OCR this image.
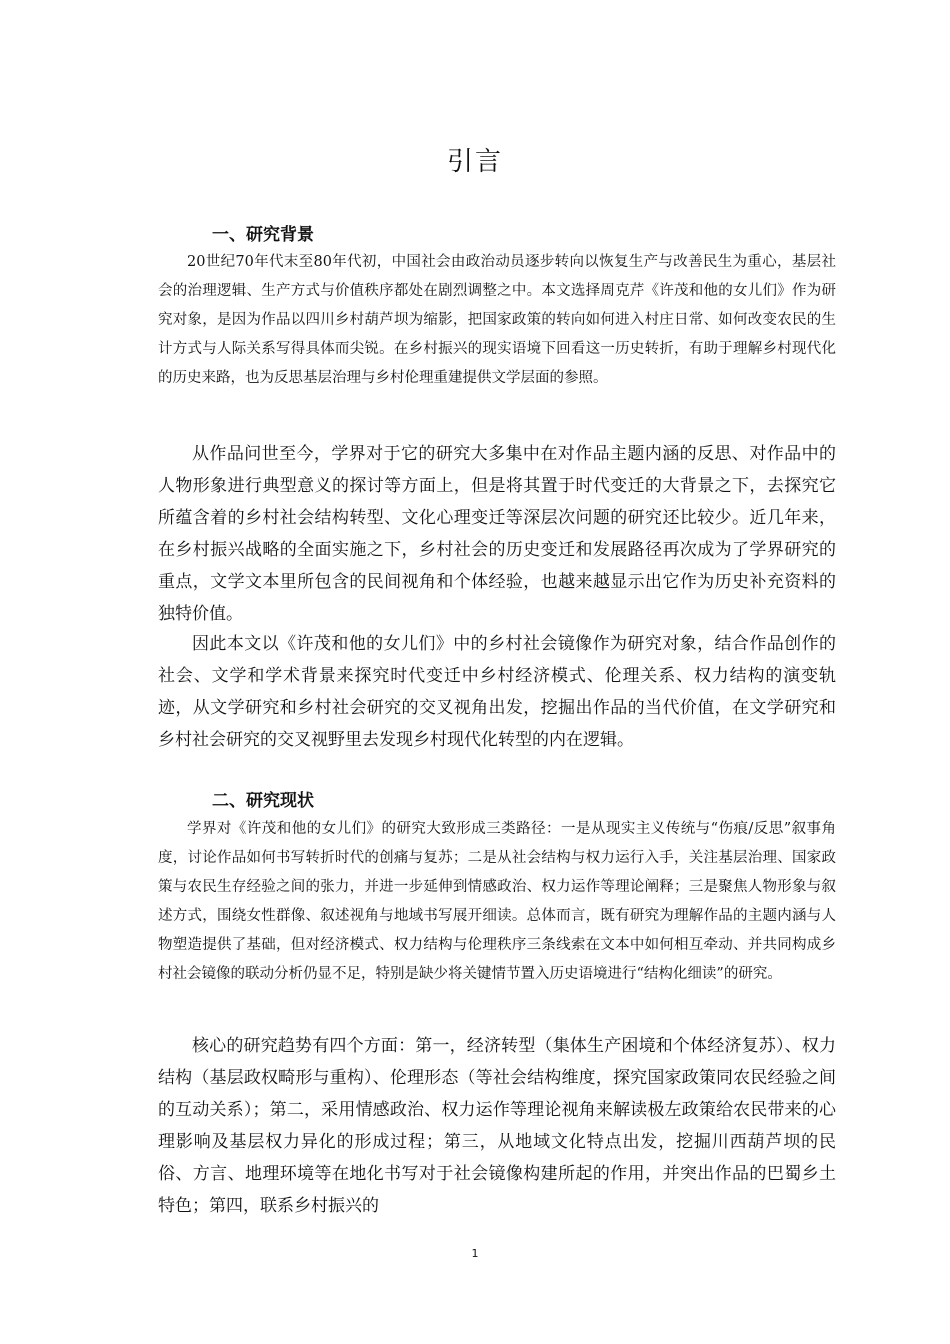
引言
一、研究背景

20世纪70年代末至80年代初，中国社会由政治动员逐步转向以恢复生产与改善民生为重心，基层社会的治理逻辑、生产方式与价值秩序都处在剧烈调整之中。本文选择周克芹《许茂和他的女儿们》作为研究对象，是因为作品以四川乡村葫芦坝为缩影，把国家政策的转向如何进入村庄日常、如何改变农民的生计方式与人际关系写得具体而尖锐。在乡村振兴的现实语境下回看这一历史转折，有助于理解乡村现代化的历史来路，也为反思基层治理与乡村伦理重建提供文学层面的参照。

从作品问世至今，学界对于它的研究大多集中在对作品主题内涵的反思、对作品中的人物形象进行典型意义的探讨等方面上，但是将其置于时代变迁的大背景之下，去探究它所蕴含着的乡村社会结构转型、文化心理变迁等深层次问题的研究还比较少。近几年来，在乡村振兴战略的全面实施之下，乡村社会的历史变迁和发展路径再次成为了学界研究的重点，文学文本里所包含的民间视角和个体经验，也越来越显示出它作为历史补充资料的独特价值。

因此本文以《许茂和他的女儿们》中的乡村社会镜像作为研究对象，结合作品创作的社会、文学和学术背景来探究时代变迁中乡村经济模式、伦理关系、权力结构的演变轨迹，从文学研究和乡村社会研究的交叉视角出发，挖掘出作品的当代价值，在文学研究和乡村社会研究的交叉视野里去发现乡村现代化转型的内在逻辑。

二、研究现状

学界对《许茂和他的女儿们》的研究大致形成三类路径：一是从现实主义传统与“伤痕/反思”叙事角度，讨论作品如何书写转折时代的创痛与复苏；二是从社会结构与权力运行入手，关注基层治理、国家政策与农民生存经验之间的张力，并进一步延伸到情感政治、权力运作等理论阐释；三是聚焦人物形象与叙述方式，围绕女性群像、叙述视角与地域书写展开细读。总体而言，既有研究为理解作品的主题内涵与人物塑造提供了基础，但对经济模式、权力结构与伦理秩序三条线索在文本中如何相互牵动、并共同构成乡村社会镜像的联动分析仍显不足，特别是缺少将关键情节置入历史语境进行“结构化细读”的研究。

核心的研究趋势有四个方面：第一，经济转型（集体生产困境和个体经济复苏）、权力结构（基层政权畸形与重构）、伦理形态（等社会结构维度，探究国家政策同农民经验之间的互动关系）；第二，采用情感政治、权力运作等理论视角来解读极左政策给农民带来的心理影响及基层权力异化的形成过程；第三，从地域文化特点出发，挖掘川西葫芦坝的民俗、方言、地理环境等在地化书写对于社会镜像构建所起的作用，并突出作品的巴蜀乡土特色；第四，联系乡村振兴的

1
